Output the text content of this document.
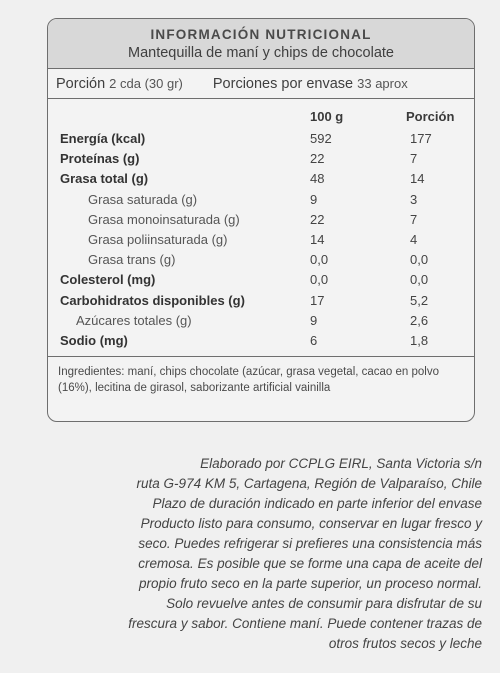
INFORMACIÓN NUTRICIONAL
Mantequilla de maní y chips de chocolate
Porción 2 cda (30 gr) Porciones por envase 33 aprox
100 g	Porción
Energía (kcal)	592	177
Proteínas (g)	22	7
Grasa total (g)	48	14
Grasa saturada (g)	9	3
Grasa monoinsaturada (g)	22	7
Grasa poliinsaturada (g)	14	4
Grasa trans (g)	0,0	0,0
Colesterol (mg)	0,0	0,0
Carbohidratos disponibles (g)	17	5,2
Azúcares totales (g)	9	2,6
Sodio (mg)	6	1,8
Ingredientes: maní, chips chocolate (azúcar, grasa vegetal, cacao en polvo (16%), lecitina de girasol, saborizante artificial vainilla
Elaborado por CCPLG EIRL, Santa Victoria s/n
ruta G-974 KM 5, Cartagena, Región de Valparaíso, Chile
Plazo de duración indicado en parte inferior del envase
Producto listo para consumo, conservar en lugar fresco y
seco. Puedes refrigerar si prefieres una consistencia más
cremosa. Es posible que se forme una capa de aceite del
propio fruto seco en la parte superior, un proceso normal.
Solo revuelve antes de consumir para disfrutar de su
frescura y sabor. Contiene maní. Puede contener trazas de
otros frutos secos y leche
